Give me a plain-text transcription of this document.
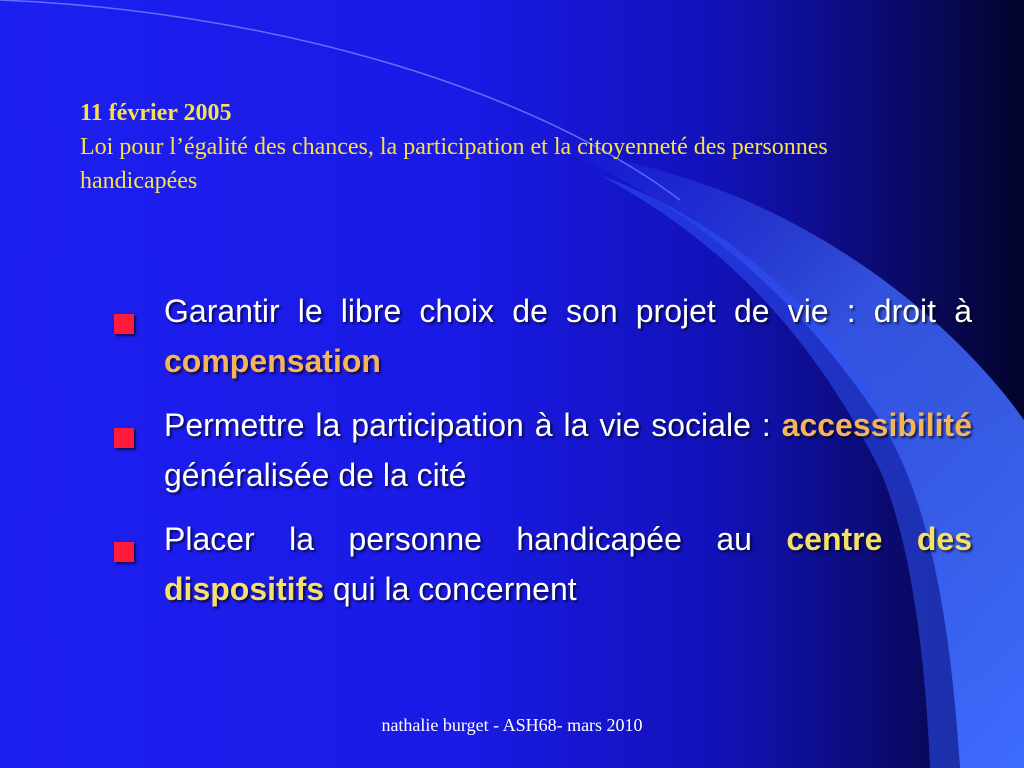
11 février 2005
Loi pour l’égalité des chances, la participation et la citoyenneté des personnes handicapées
Garantir le libre choix de son projet de vie : droit à compensation
Permettre la participation à la vie sociale : accessibilité généralisée de la cité
Placer la personne handicapée au centre des dispositifs qui la concernent
nathalie burget - ASH68- mars 2010
